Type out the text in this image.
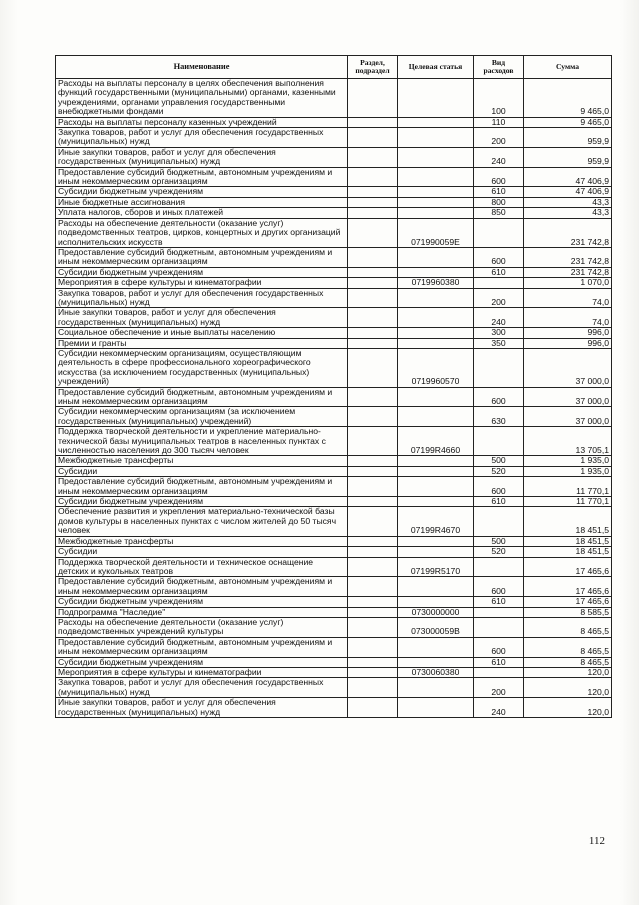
Наименование	Раздел, подраздел	Целевая статья	Вид расходов	Сумма
Расходы на выплаты персоналу в целях обеспечения выполнения функций государственными (муниципальными) органами, казенными учреждениями, органами управления государственными внебюджетными фондами			100	9 465,0
Расходы на выплаты персоналу казенных учреждений			110	9 465,0
Закупка товаров, работ и услуг для обеспечения государственных (муниципальных) нужд			200	959,9
Иные закупки товаров, работ и услуг для обеспечения государственных (муниципальных) нужд			240	959,9
Предоставление субсидий бюджетным, автономным учреждениям и иным некоммерческим организациям			600	47 406,9
Субсидии бюджетным учреждениям			610	47 406,9
Иные бюджетные ассигнования			800	43,3
Уплата налогов, сборов и иных платежей			850	43,3
Расходы на обеспечение деятельности (оказание услуг) подведомственных театров, цирков, концертных и других организаций исполнительских искусств		071990059Е		231 742,8
Предоставление субсидий бюджетным, автономным учреждениям и иным некоммерческим организациям			600	231 742,8
Субсидии бюджетным учреждениям			610	231 742,8
Мероприятия в сфере культуры и кинематографии		0719960380		1 070,0
Закупка товаров, работ и услуг для обеспечения государственных (муниципальных) нужд			200	74,0
Иные закупки товаров, работ и услуг для обеспечения государственных (муниципальных) нужд			240	74,0
Социальное обеспечение и иные выплаты населению			300	996,0
Премии и гранты			350	996,0
Субсидии некоммерческим организациям, осуществляющим деятельность в сфере профессионального хореографического искусства (за исключением государственных (муниципальных) учреждений)		0719960570		37 000,0
Предоставление субсидий бюджетным, автономным учреждениям и иным некоммерческим организациям			600	37 000,0
Субсидии некоммерческим организациям (за исключением государственных (муниципальных) учреждений)			630	37 000,0
Поддержка творческой деятельности и укрепление материально-технической базы муниципальных театров в населенных пунктах с численностью населения до 300 тысяч человек		07199R4660		13 705,1
Межбюджетные трансферты			500	1 935,0
Субсидии			520	1 935,0
Предоставление субсидий бюджетным, автономным учреждениям и иным некоммерческим организациям			600	11 770,1
Субсидии бюджетным учреждениям			610	11 770,1
Обеспечение развития и укрепления материально-технической базы домов культуры в населенных пунктах с числом жителей до 50 тысяч человек		07199R4670		18 451,5
Межбюджетные трансферты			500	18 451,5
Субсидии			520	18 451,5
Поддержка творческой деятельности и техническое оснащение детских и кукольных театров		07199R5170		17 465,6
Предоставление субсидий бюджетным, автономным учреждениям и иным некоммерческим организациям			600	17 465,6
Субсидии бюджетным учреждениям			610	17 465,6
Подпрограмма "Наследие"		0730000000		8 585,5
Расходы на обеспечение деятельности (оказание услуг) подведомственных учреждений культуры		073000059В		8 465,5
Предоставление субсидий бюджетным, автономным учреждениям и иным некоммерческим организациям			600	8 465,5
Субсидии бюджетным учреждениям			610	8 465,5
Мероприятия в сфере культуры и кинематографии		0730060380		120,0
Закупка товаров, работ и услуг для обеспечения государственных (муниципальных) нужд			200	120,0
Иные закупки товаров, работ и услуг для обеспечения государственных (муниципальных) нужд			240	120,0
112
